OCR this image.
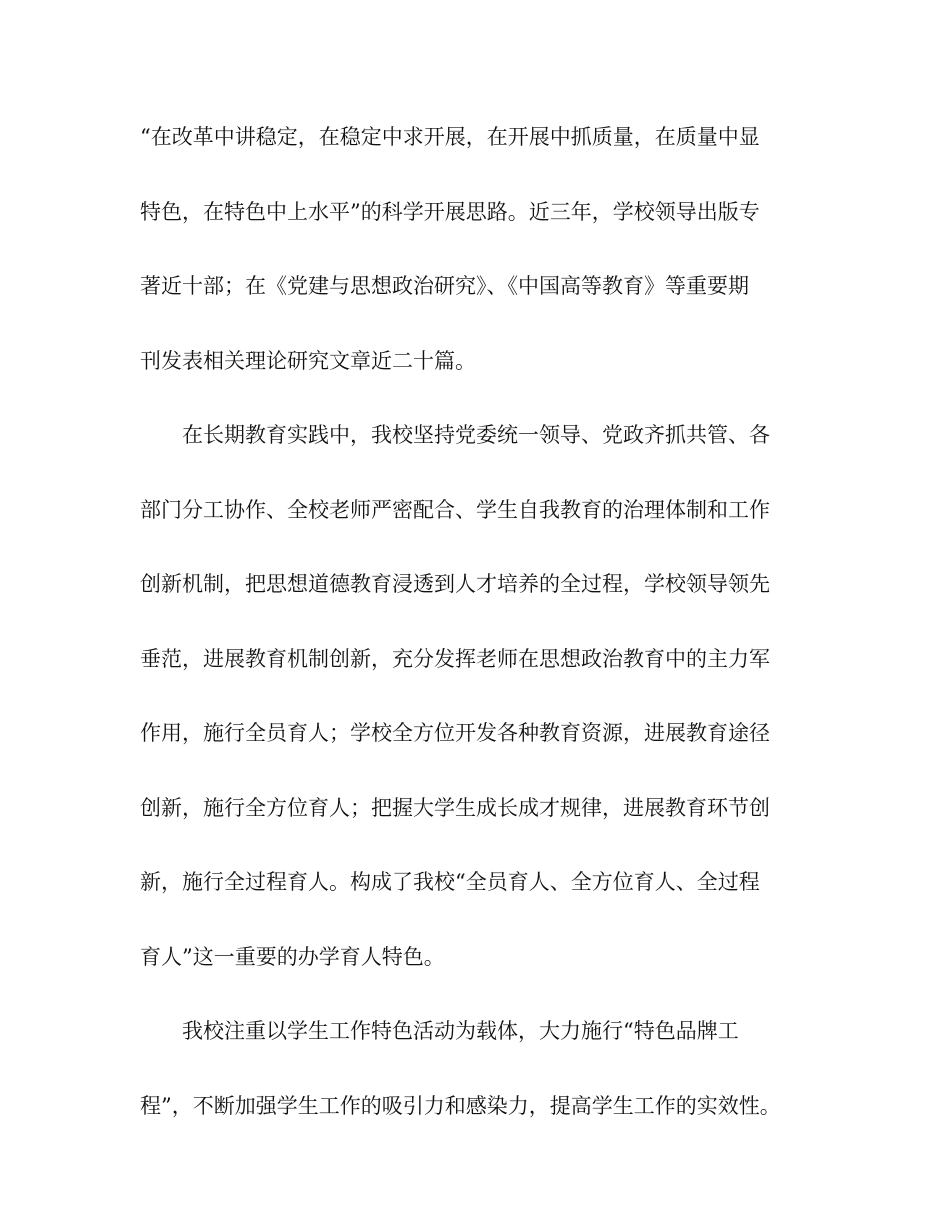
“在改革中讲稳定，在稳定中求开展，在开展中抓质量，在质量中显
特色，在特色中上水平”的科学开展思路。近三年，学校领导出版专
著近十部；在《党建与思想政治研究》、《中国高等教育》等重要期
刊发表相关理论研究文章近二十篇。
在长期教育实践中，我校坚持党委统一领导、党政齐抓共管、各
部门分工协作、全校老师严密配合、学生自我教育的治理体制和工作
创新机制，把思想道德教育浸透到人才培养的全过程，学校领导领先
垂范，进展教育机制创新，充分发挥老师在思想政治教育中的主力军
作用，施行全员育人；学校全方位开发各种教育资源，进展教育途径
创新，施行全方位育人；把握大学生成长成才规律，进展教育环节创
新，施行全过程育人。构成了我校“全员育人、全方位育人、全过程
育人”这一重要的办学育人特色。
我校注重以学生工作特色活动为载体，大力施行“特色品牌工
程”，不断加强学生工作的吸引力和感染力，提高学生工作的实效性。
